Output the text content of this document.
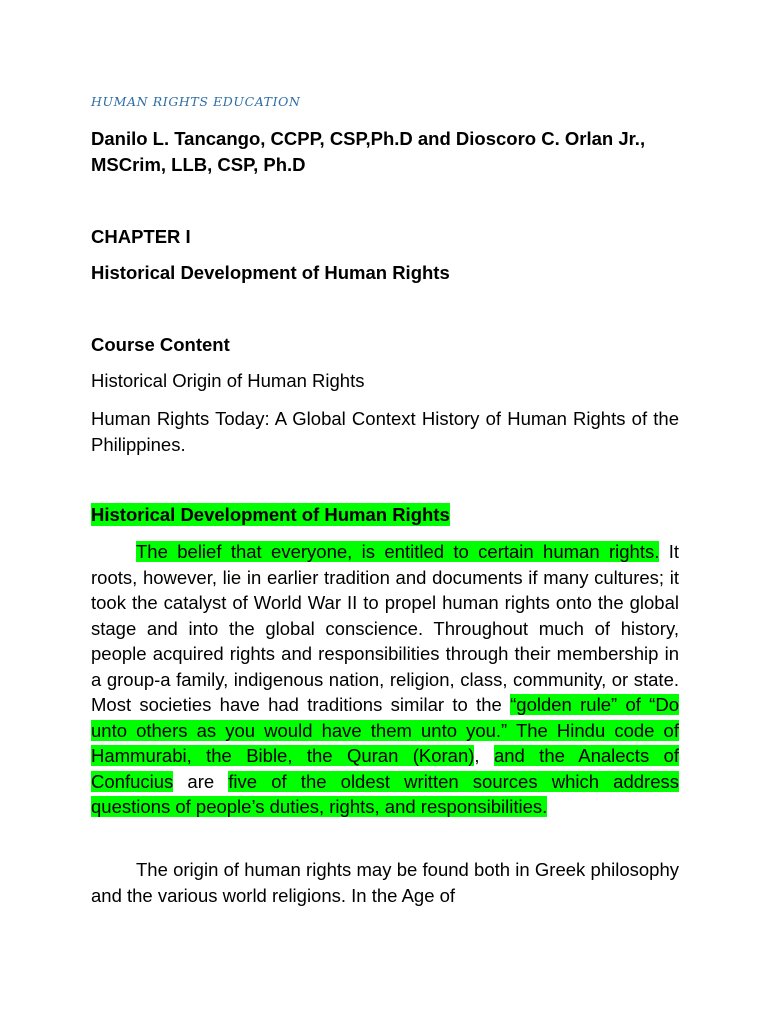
HUMAN RIGHTS EDUCATION
Danilo L. Tancango, CCPP, CSP,Ph.D and Dioscoro C. Orlan Jr., MSCrim, LLB, CSP, Ph.D
CHAPTER I
Historical Development of Human Rights
Course Content
Historical Origin of Human Rights
Human Rights Today: A Global Context History of Human Rights of the Philippines.
Historical Development of Human Rights
The belief that everyone, is entitled to certain human rights. It roots, however, lie in earlier tradition and documents if many cultures; it took the catalyst of World War II to propel human rights onto the global stage and into the global conscience. Throughout much of history, people acquired rights and responsibilities through their membership in a group-a family, indigenous nation, religion, class, community, or state. Most societies have had traditions similar to the “golden rule” of “Do unto others as you would have them unto you.” The Hindu code of Hammurabi, the Bible, the Quran (Koran), and the Analects of Confucius are five of the oldest written sources which address questions of people’s duties, rights, and responsibilities.
The origin of human rights may be found both in Greek philosophy and the various world religions. In the Age of
